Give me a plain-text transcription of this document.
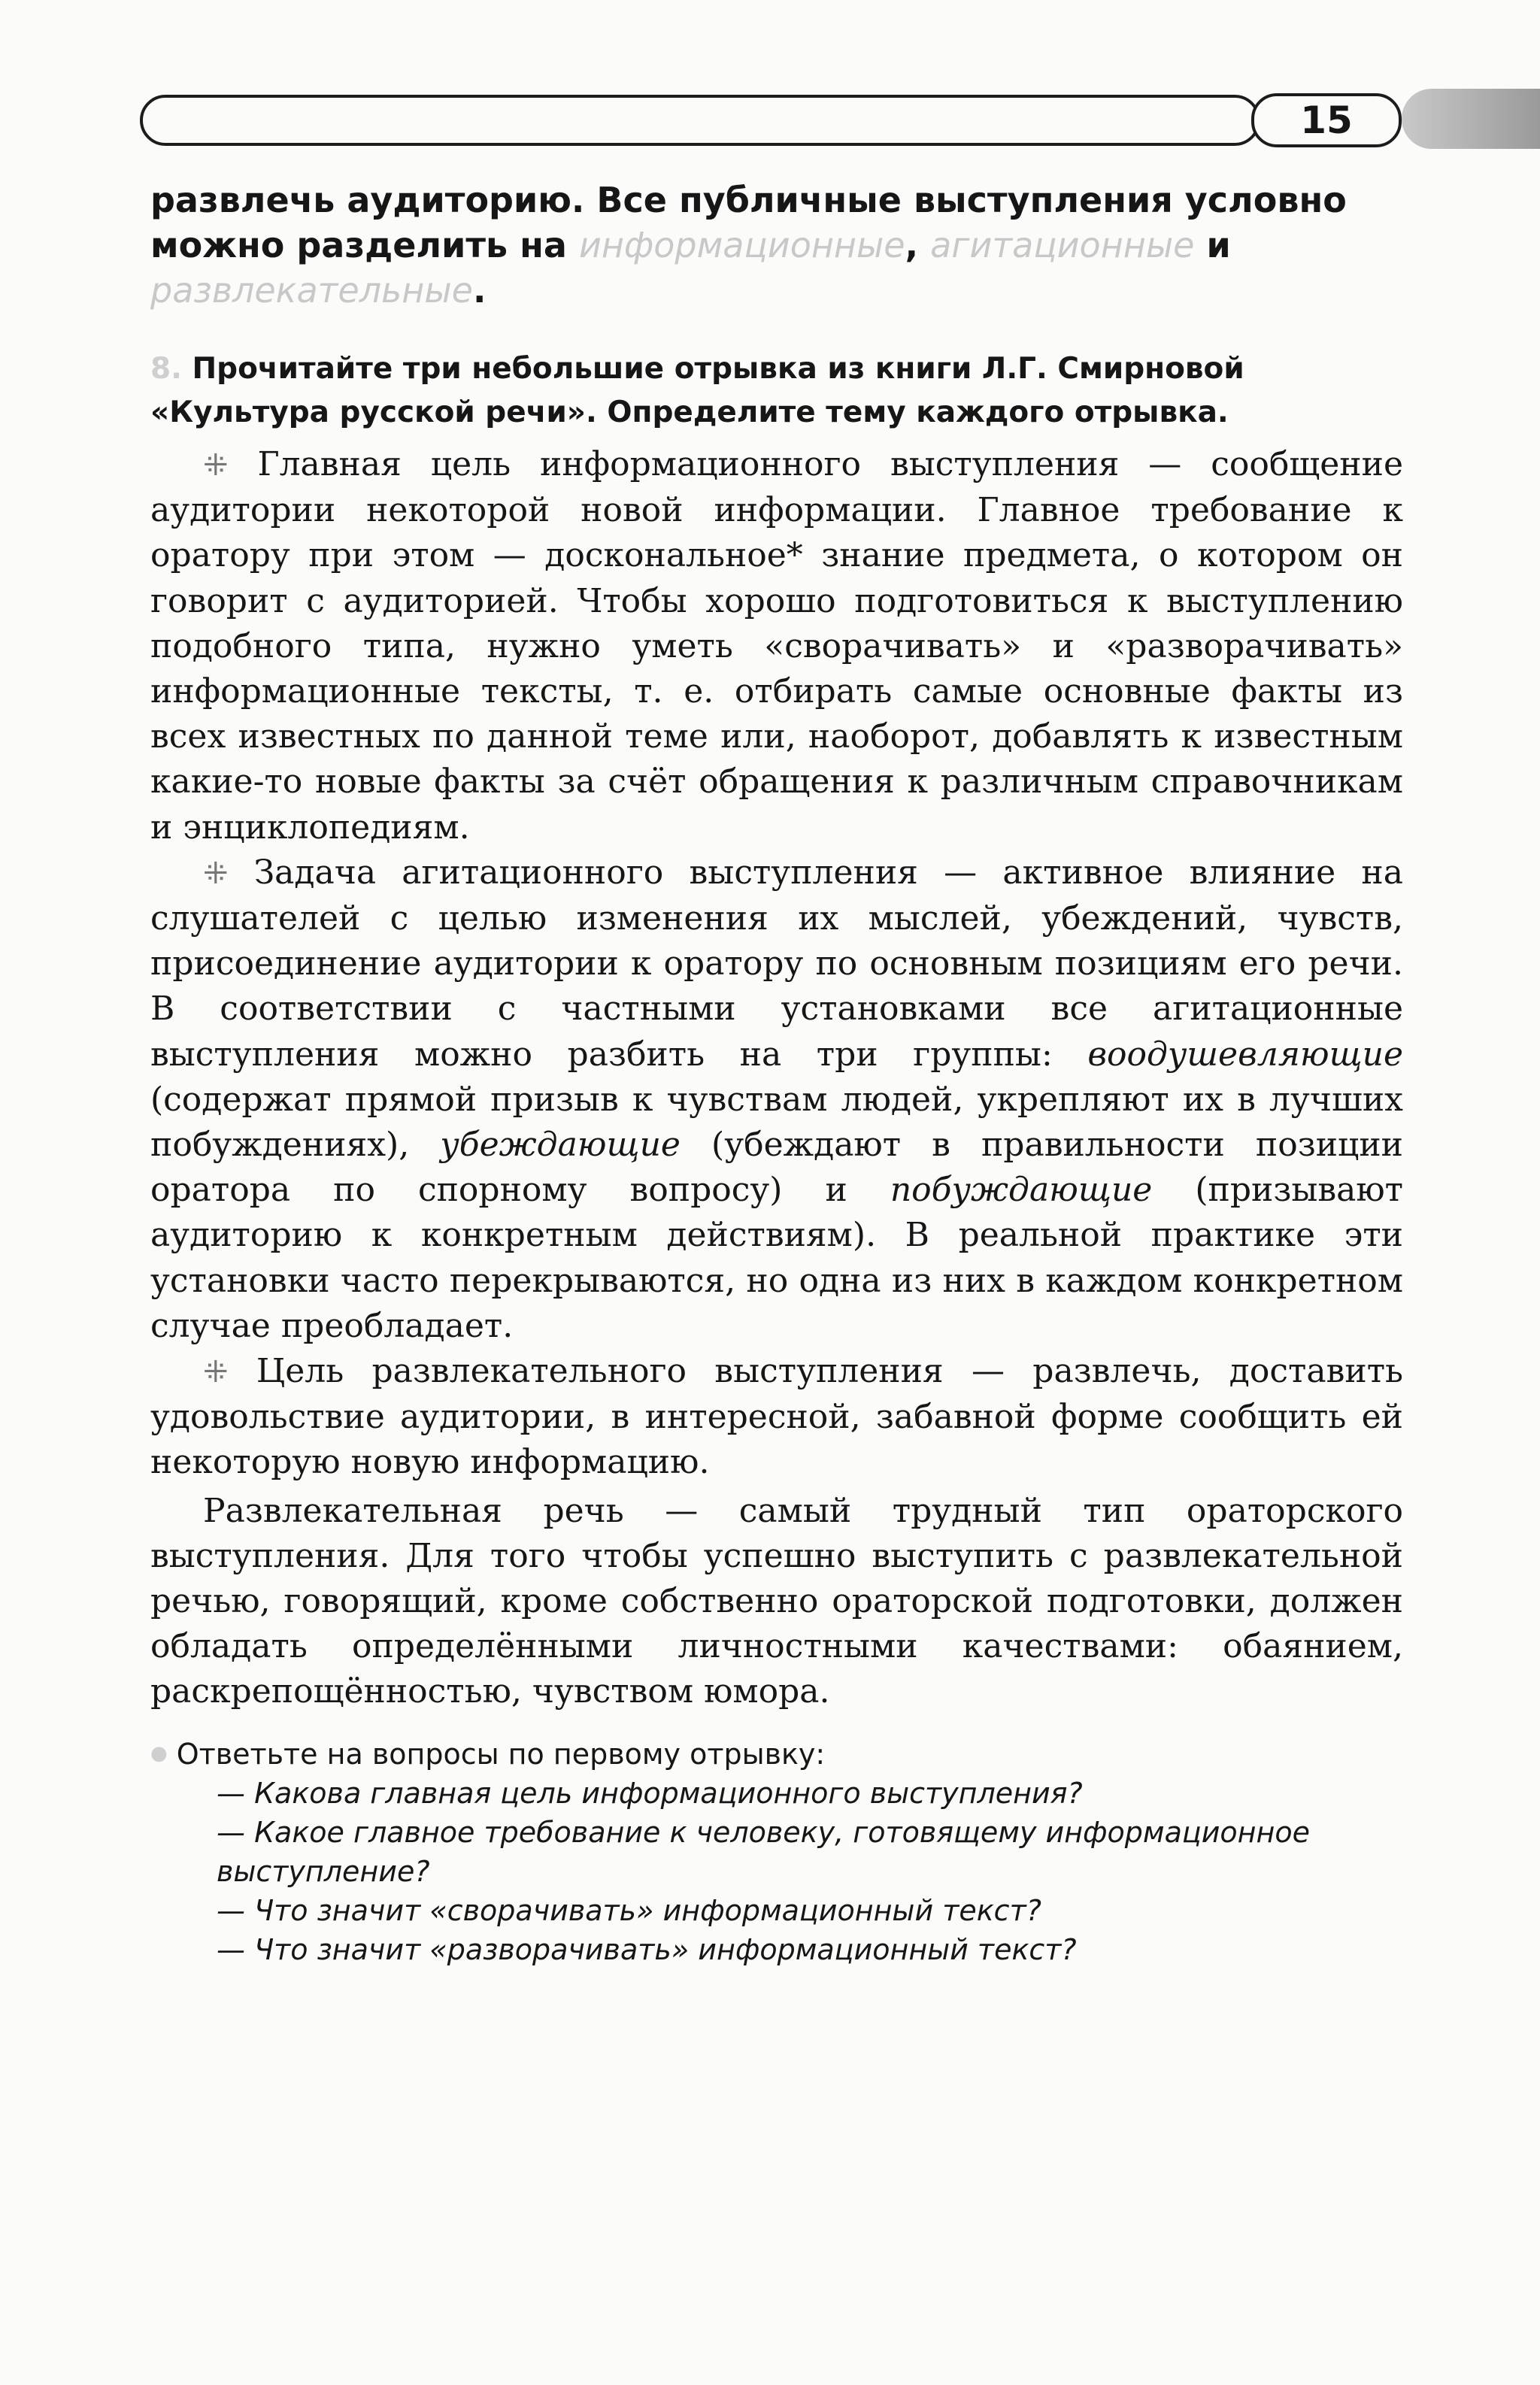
15
развлечь аудиторию. Все публичные выступления условно можно разделить на информационные, агитационные и развлекательные.
8. Прочитайте три небольшие отрывка из книги Л.Г. Смирновой «Культура русской речи». Определите тему каждого отрывка.

⁜ Главная цель информационного выступления — сообщение аудитории некоторой новой информации. Главное требование к оратору при этом — доскональное* знание предмета, о котором он говорит с аудиторией. Чтобы хорошо подготовиться к выступлению подобного типа, нужно уметь «сворачивать» и «разворачивать» информационные тексты, т. е. отбирать самые основные факты из всех известных по данной теме или, наоборот, добавлять к известным какие-то новые факты за счёт обращения к различным справочникам и энциклопедиям.

⁜ Задача агитационного выступления — активное влияние на слушателей с целью изменения их мыслей, убеждений, чувств, присоединение аудитории к оратору по основным позициям его речи. В соответствии с частными установками все агитационные выступления можно разбить на три группы: воодушевляющие (содержат прямой призыв к чувствам людей, укрепляют их в лучших побуждениях), убеждающие (убеждают в правильности позиции оратора по спорному вопросу) и побуждающие (призывают аудиторию к конкретным действиям). В реальной практике эти установки часто перекрываются, но одна из них в каждом конкретном случае преобладает.

⁜ Цель развлекательного выступления — развлечь, доставить удовольствие аудитории, в интересной, забавной форме сообщить ей некоторую новую информацию.

Развлекательная речь — самый трудный тип ораторского выступления. Для того чтобы успешно выступить с развлекательной речью, говорящий, кроме собственно ораторской подготовки, должен обладать определёнными личностными качествами: обаянием, раскрепощённостью, чувством юмора.

● Ответьте на вопросы по первому отрывку:

— Какова главная цель информационного выступления?

— Какое главное требование к человеку, готовящему информационное выступление?

— Что значит «сворачивать» информационный текст?

— Что значит «разворачивать» информационный текст?
